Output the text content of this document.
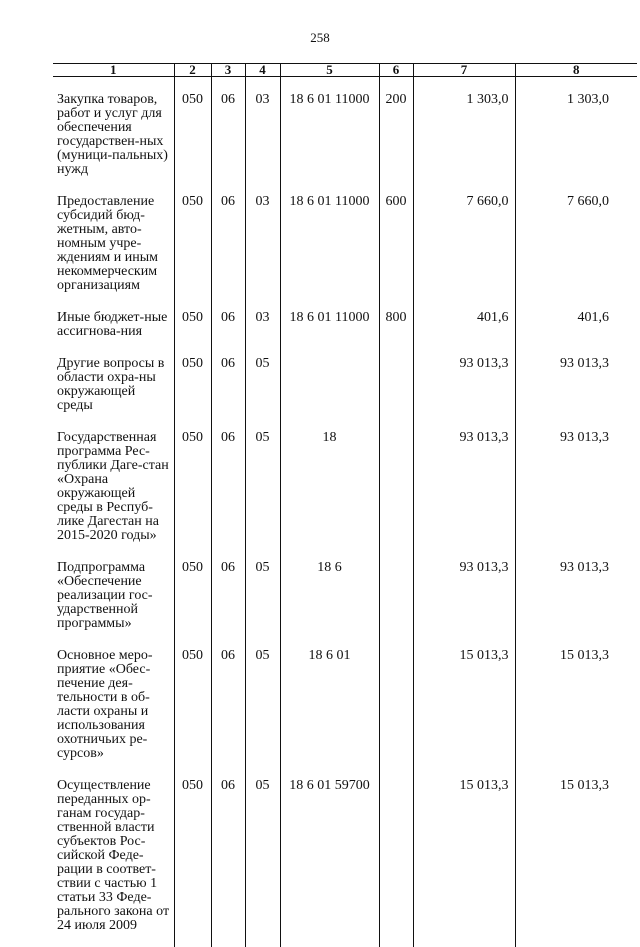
258
1	2	3	4	5	6	7	8

Закупка товаров, работ и услуг для обеспечения государствен-ных (муници-пальных) нужд	050	06	03	18 6 01 11000	200	1 303,0	1 303,0
Предоставление субсидий бюд-жетным, авто-номным учре-ждениям и иным некоммерческим организациям	050	06	03	18 6 01 11000	600	7 660,0	7 660,0
Иные бюджет-ные ассигнова-ния	050	06	03	18 6 01 11000	800	401,6	401,6
Другие вопросы в области охра-ны окружающей среды	050	06	05			93 013,3	93 013,3
Государственная программа Рес-публики Даге-стан «Охрана окружающей среды в Респуб-лике Дагестан на 2015-2020 годы»	050	06	05	18		93 013,3	93 013,3
Подпрограмма «Обеспечение реализации гос-ударственной программы»	050	06	05	18 6		93 013,3	93 013,3
Основное меро-приятие «Обес-печение дея-тельности в об-ласти охраны и использования охотничьих ре-сурсов»	050	06	05	18 6 01		15 013,3	15 013,3
Осуществление переданных ор-ганам государ-ственной власти субъектов Рос-сийской Феде-рации в соответ-ствии с частью 1 статьи 33 Феде-рального закона от 24 июля 2009	050	06	05	18 6 01 59700		15 013,3	15 013,3
